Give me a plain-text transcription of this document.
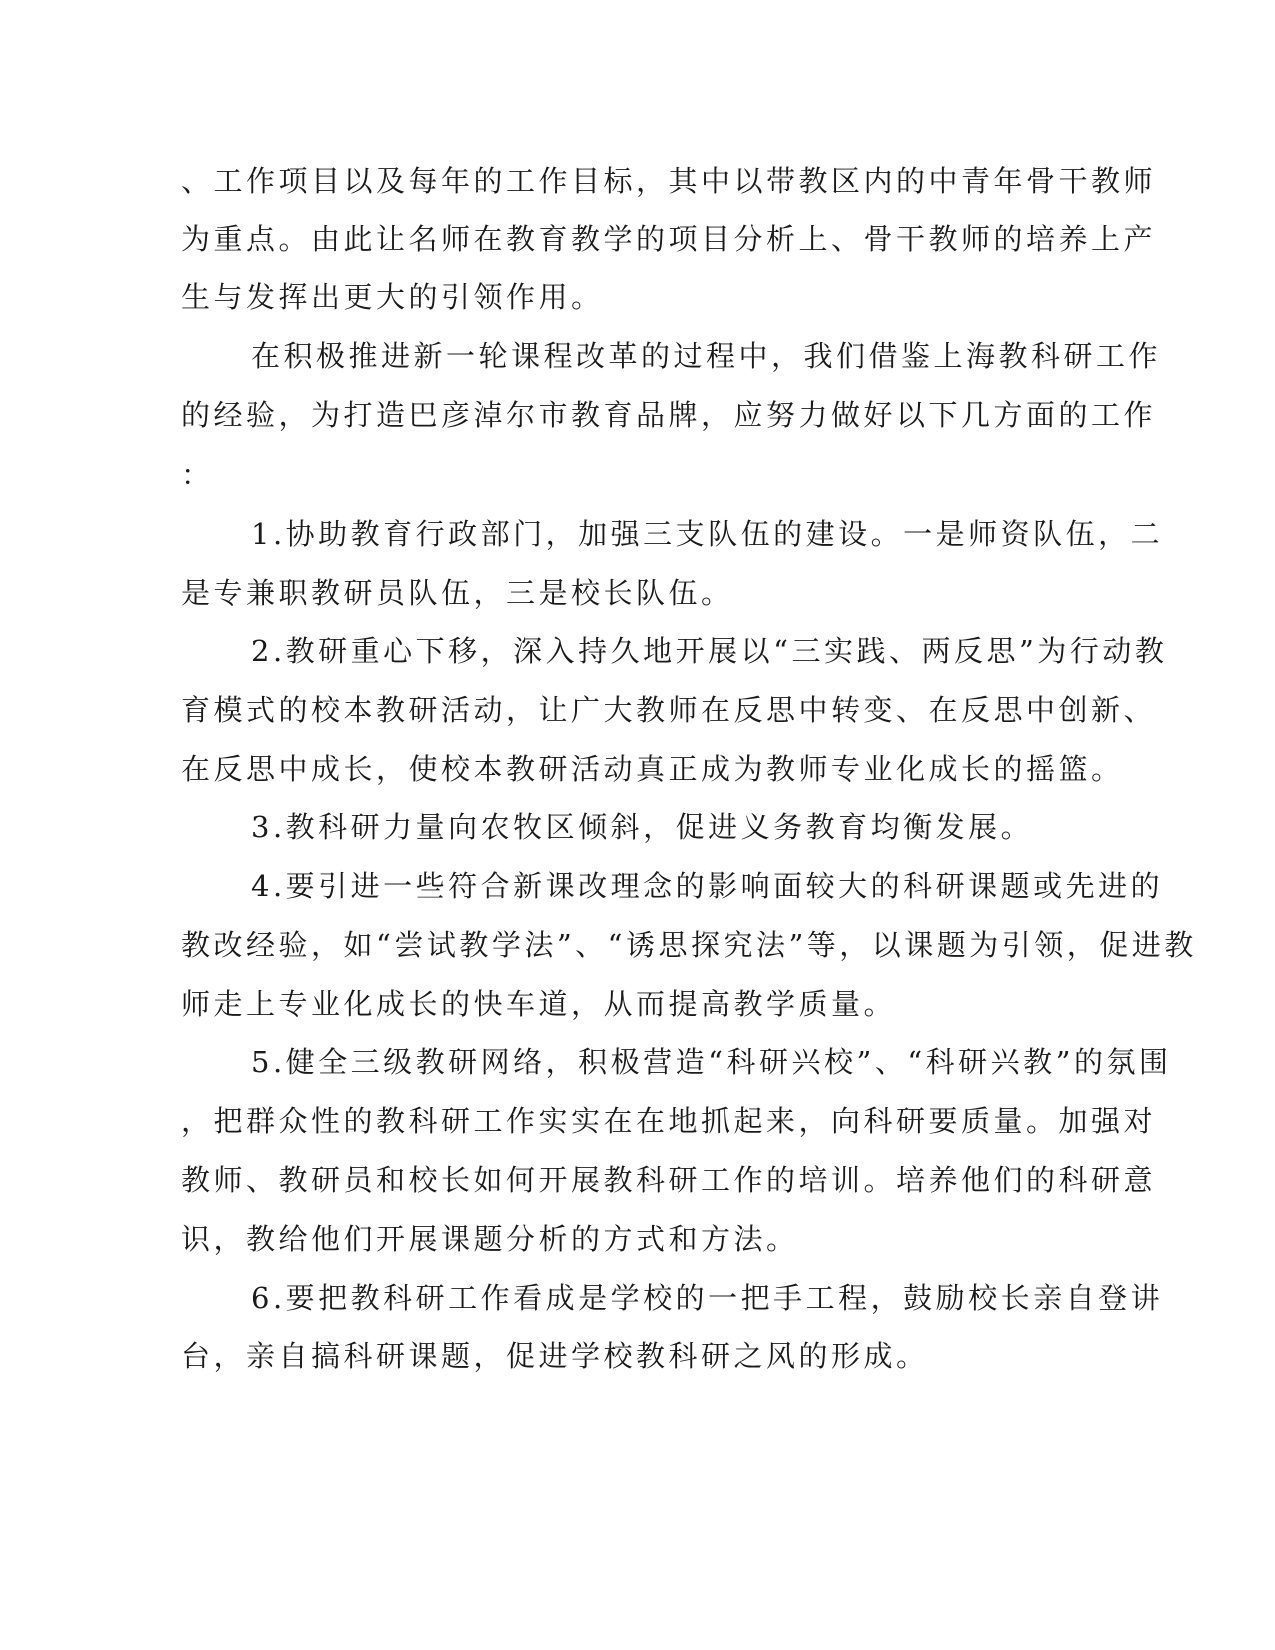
、工作项目以及每年的工作目标，其中以带教区内的中青年骨干教师
为重点。由此让名师在教育教学的项目分析上、骨干教师的培养上产
生与发挥出更大的引领作用。
在积极推进新一轮课程改革的过程中，我们借鉴上海教科研工作
的经验，为打造巴彦淖尔市教育品牌，应努力做好以下几方面的工作
：
1.协助教育行政部门，加强三支队伍的建设。一是师资队伍，二
是专兼职教研员队伍，三是校长队伍。
2.教研重心下移，深入持久地开展以“三实践、两反思”为行动教
育模式的校本教研活动，让广大教师在反思中转变、在反思中创新、
在反思中成长，使校本教研活动真正成为教师专业化成长的摇篮。
3.教科研力量向农牧区倾斜，促进义务教育均衡发展。
4.要引进一些符合新课改理念的影响面较大的科研课题或先进的
教改经验，如“尝试教学法”、“诱思探究法”等，以课题为引领，促进教
师走上专业化成长的快车道，从而提高教学质量。
5.健全三级教研网络，积极营造“科研兴校”、“科研兴教”的氛围
，把群众性的教科研工作实实在在地抓起来，向科研要质量。加强对
教师、教研员和校长如何开展教科研工作的培训。培养他们的科研意
识，教给他们开展课题分析的方式和方法。
6.要把教科研工作看成是学校的一把手工程，鼓励校长亲自登讲
台，亲自搞科研课题，促进学校教科研之风的形成。
